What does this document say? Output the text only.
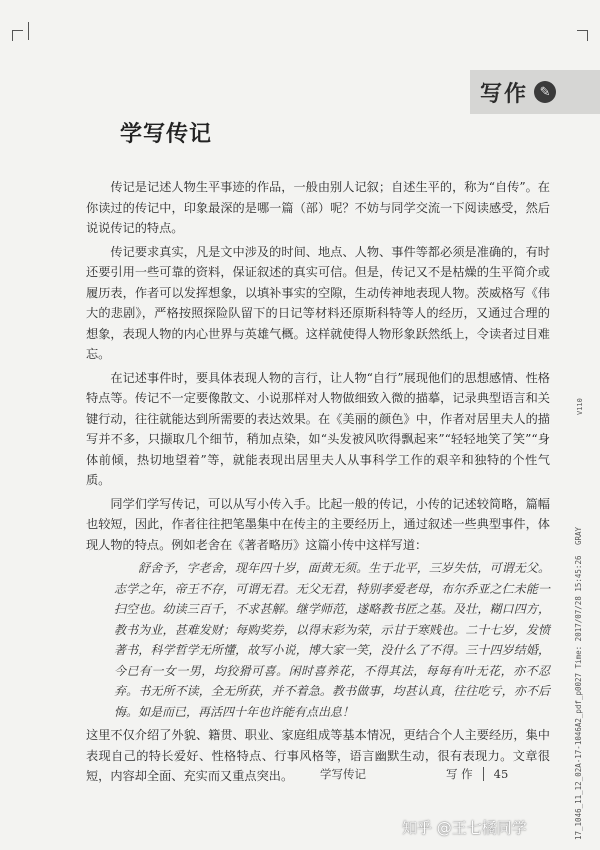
写作 ✎
学写传记

传记是记述人物生平事迹的作品，一般由别人记叙；自述生平的，称为“自传”。在你读过的传记中，印象最深的是哪一篇（部）呢？不妨与同学交流一下阅读感受，然后说说传记的特点。

传记要求真实，凡是文中涉及的时间、地点、人物、事件等都必须是准确的，有时还要引用一些可靠的资料，保证叙述的真实可信。但是，传记又不是枯燥的生平简介或履历表，作者可以发挥想象，以填补事实的空隙，生动传神地表现人物。茨威格写《伟大的悲剧》，严格按照探险队留下的日记等材料还原斯科特等人的经历，又通过合理的想象，表现人物的内心世界与英雄气概。这样就使得人物形象跃然纸上，令读者过目难忘。

在记述事件时，要具体表现人物的言行，让人物“自行”展现他们的思想感情、性格特点等。传记不一定要像散文、小说那样对人物做细致入微的描摹，记录典型语言和关键行动，往往就能达到所需要的表达效果。在《美丽的颜色》中，作者对居里夫人的描写并不多，只撷取几个细节，稍加点染，如“头发被风吹得飘起来”“轻轻地笑了笑”“身体前倾，热切地望着”等，就能表现出居里夫人从事科学工作的艰辛和独特的个性气质。

同学们学写传记，可以从写小传入手。比起一般的传记，小传的记述较简略，篇幅也较短，因此，作者往往把笔墨集中在传主的主要经历上，通过叙述一些典型事件，体现人物的特点。例如老舍在《著者略历》这篇小传中这样写道：

舒舍予，字老舍，现年四十岁，面黄无须。生于北平，三岁失怙，可谓无父。志学之年，帝王不存，可谓无君。无父无君，特别孝爱老母，布尔乔亚之仁未能一扫空也。幼读三百千，不求甚解。继学师范，遂略教书匠之基。及壮，糊口四方，教书为业，甚难发财；每购奖券，以得末彩为荣，示甘于寒贱也。二十七岁，发愤著书，科学哲学无所懂，故写小说，博大家一笑，没什么了不得。三十四岁结婚，今已有一女一男，均狡猾可喜。闲时喜养花，不得其法，每每有叶无花，亦不忍弃。书无所不读，全无所获，并不着急。教书做事，均甚认真，往往吃亏，亦不后悔。如是而已，再活四十年也许能有点出息！

这里不仅介绍了外貌、籍贯、职业、家庭组成等基本情况，更结合个人主要经历，集中表现自己的特长爱好、性格特点、行事风格等，语言幽默生动，很有表现力。文章很短，内容却全面、充实而又重点突出。	学写传记	写 作 45
V110
17_1046_11_12_02A-17-1046A2_pdf_p0027 Time: 2017/07/28 15:45:26 GRAY
知乎 @王七橘同学
